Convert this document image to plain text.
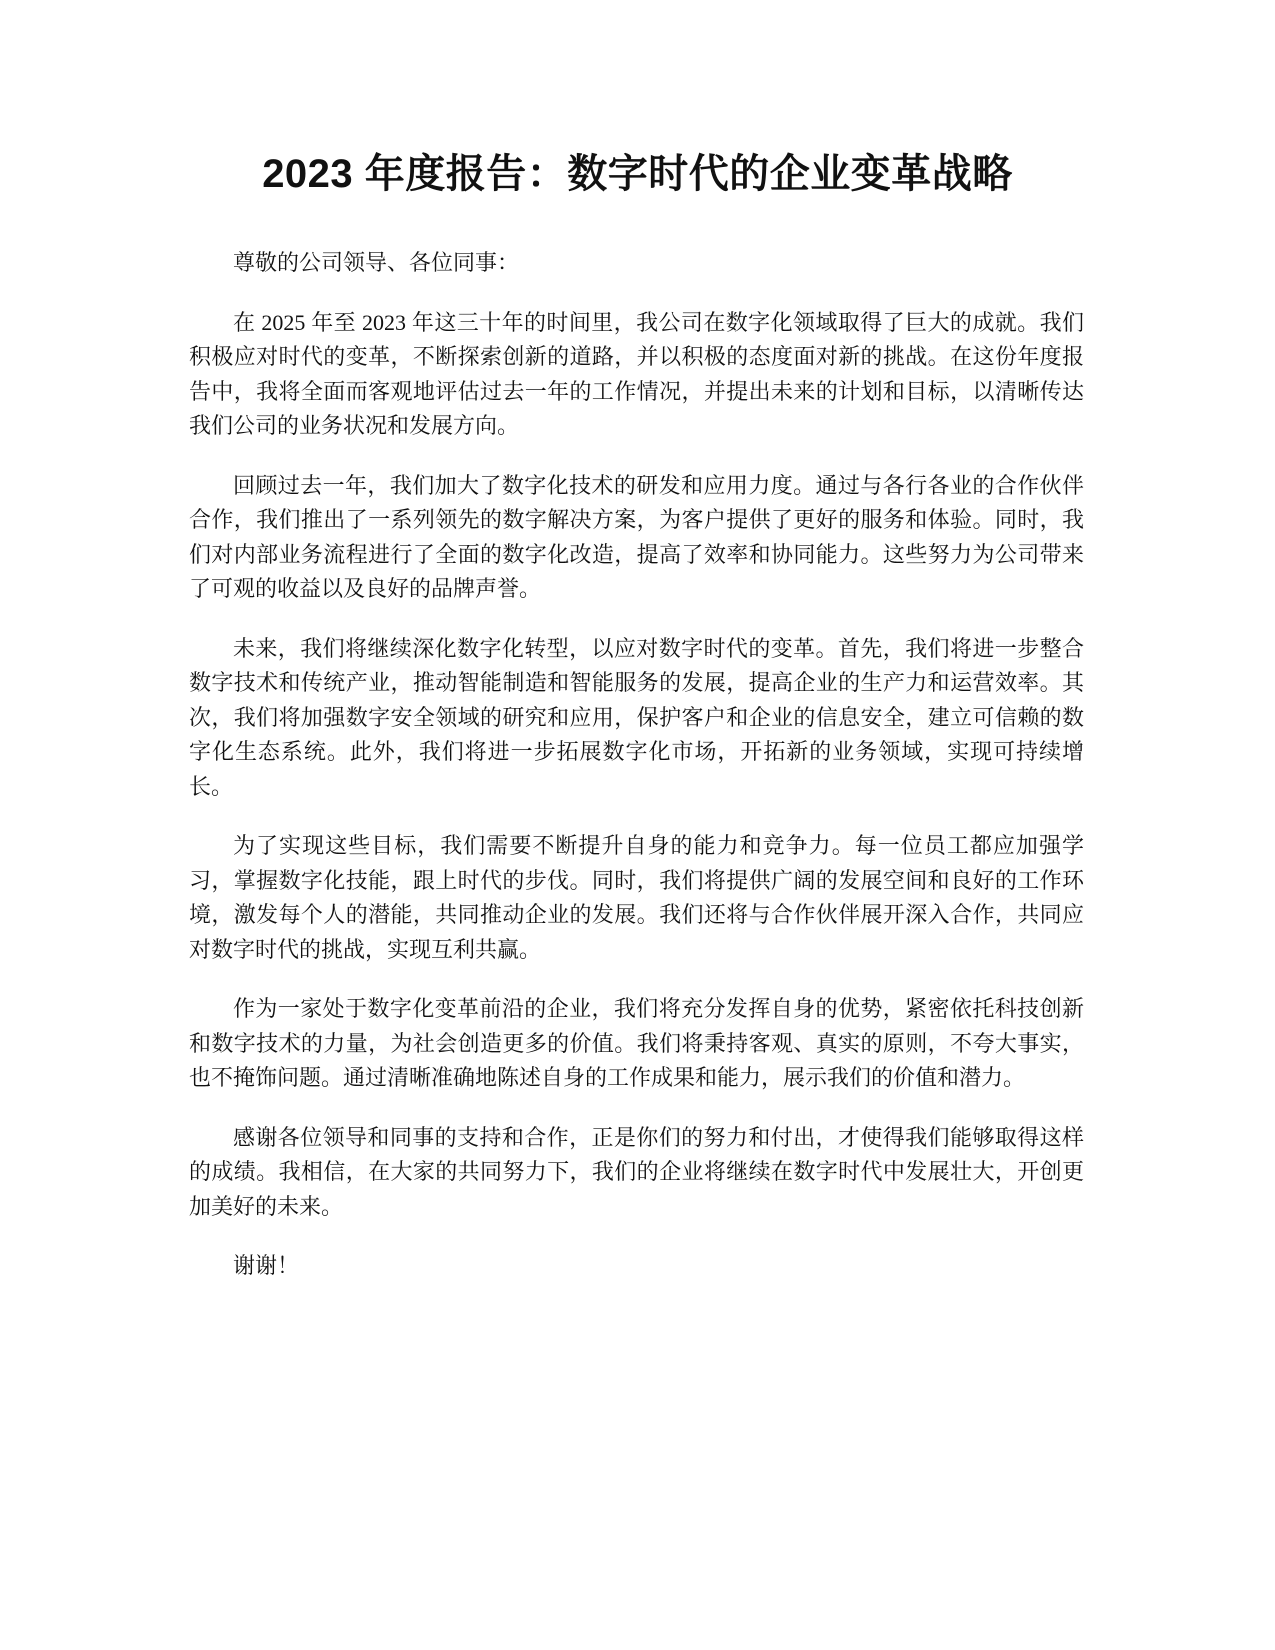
2023 年度报告：数字时代的企业变革战略

尊敬的公司领导、各位同事：

在 2025 年至 2023 年这三十年的时间里，我公司在数字化领域取得了巨大的成就。我们积极应对时代的变革，不断探索创新的道路，并以积极的态度面对新的挑战。在这份年度报告中，我将全面而客观地评估过去一年的工作情况，并提出未来的计划和目标，以清晰传达我们公司的业务状况和发展方向。

回顾过去一年，我们加大了数字化技术的研发和应用力度。通过与各行各业的合作伙伴合作，我们推出了一系列领先的数字解决方案，为客户提供了更好的服务和体验。同时，我们对内部业务流程进行了全面的数字化改造，提高了效率和协同能力。这些努力为公司带来了可观的收益以及良好的品牌声誉。

未来，我们将继续深化数字化转型，以应对数字时代的变革。首先，我们将进一步整合数字技术和传统产业，推动智能制造和智能服务的发展，提高企业的生产力和运营效率。其次，我们将加强数字安全领域的研究和应用，保护客户和企业的信息安全，建立可信赖的数字化生态系统。此外，我们将进一步拓展数字化市场，开拓新的业务领域，实现可持续增长。

为了实现这些目标，我们需要不断提升自身的能力和竞争力。每一位员工都应加强学习，掌握数字化技能，跟上时代的步伐。同时，我们将提供广阔的发展空间和良好的工作环境，激发每个人的潜能，共同推动企业的发展。我们还将与合作伙伴展开深入合作，共同应对数字时代的挑战，实现互利共赢。

作为一家处于数字化变革前沿的企业，我们将充分发挥自身的优势，紧密依托科技创新和数字技术的力量，为社会创造更多的价值。我们将秉持客观、真实的原则，不夸大事实，也不掩饰问题。通过清晰准确地陈述自身的工作成果和能力，展示我们的价值和潜力。

感谢各位领导和同事的支持和合作，正是你们的努力和付出，才使得我们能够取得这样的成绩。我相信，在大家的共同努力下，我们的企业将继续在数字时代中发展壮大，开创更加美好的未来。

谢谢！
